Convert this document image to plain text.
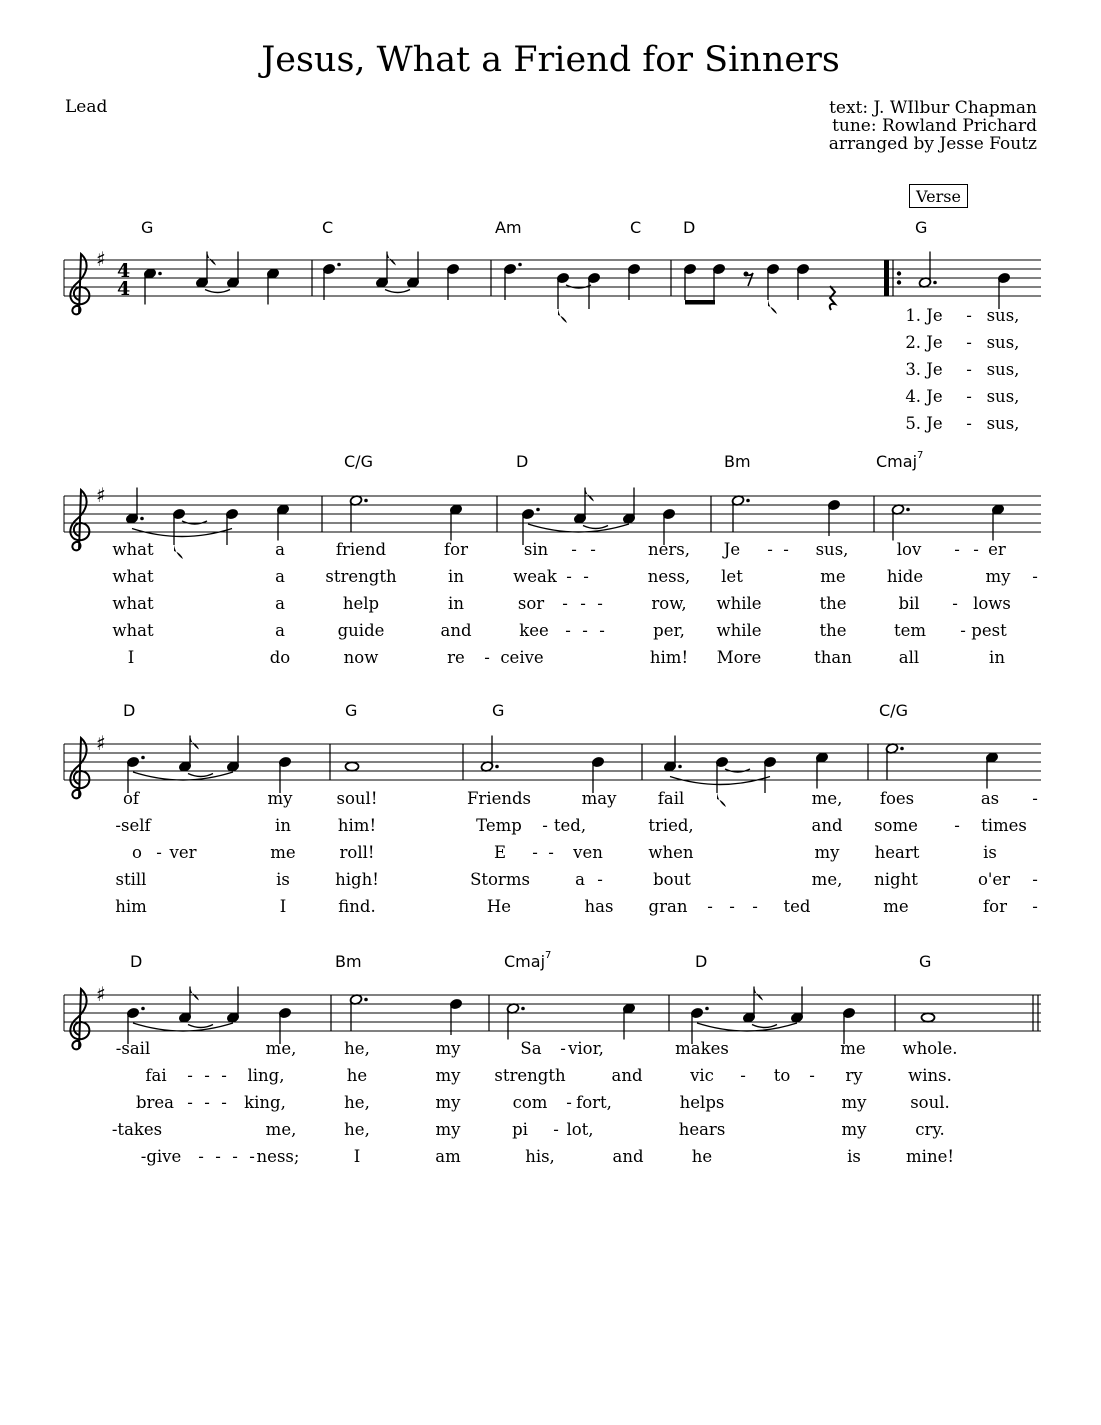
Jesus, What a Friend for Sinners
Lead	text: J. WIlbur Chapman
tune: Rowland Prichard
arranged by Jesse Foutz
Verse
♯ 4
4
♯
♯
♯
G	C	Am	C	D	G
1. Je - sus,
2. Je - sus,
3. Je - sus,
4. Je - sus,
5. Je - sus,
C/G	D	Bm	Cmaj$^7$
what	a	friend	for	sin - -	ners, Je - - sus,	lov - - er
what	a strength	in	weak - -	ness, let	me hide	my -
what	a	help	in	sor - - -	row, while	the	bil - lows
what	a	guide	and	kee - - -	per, while	the	tem - pest
I	do	now	re - ceive	him! More	than	all	in
D	G	G	C/G
of	my	soul!	Friends	may	fail	me, foes	as -
-self	in	him!	Temp - ted,	tried,	and some - times
o - ver	me	roll!	E - - ven	when	my heart	is
still	is	high!	Storms	a -	bout	me, night	o'er -
him	I	find.	He	has gran - - - ted	me	for -
D	Bm	Cmaj$^7$	D	G
-sail	me,	he,	my	Sa - vior,	makes	me whole.
fai - - - ling,	he	my strength	and	vic - to - ry	wins.
brea - - - king,	he,	my	com - fort,	helps	my	soul.
-takes	me,	he,	my	pi - lot,	hears	my	cry.
-give - - - - ness;	I	am	his,	and	he	is	mine!
